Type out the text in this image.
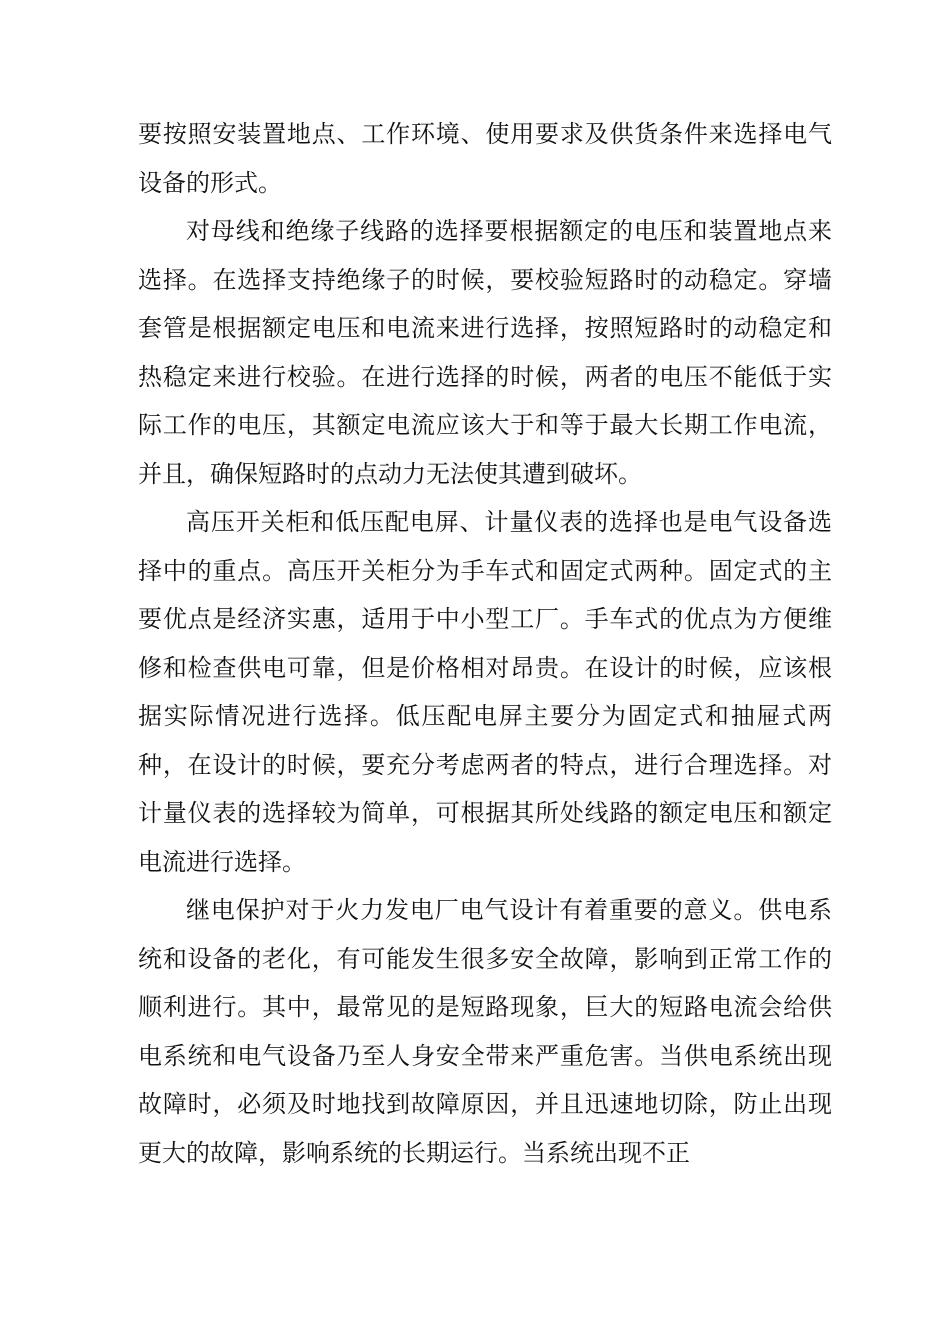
要按照安装置地点、工作环境、使用要求及供货条件来选择电气设备的形式。

对母线和绝缘子线路的选择要根据额定的电压和装置地点来选择。在选择支持绝缘子的时候，要校验短路时的动稳定。穿墙套管是根据额定电压和电流来进行选择，按照短路时的动稳定和热稳定来进行校验。在进行选择的时候，两者的电压不能低于实际工作的电压，其额定电流应该大于和等于最大长期工作电流，并且，确保短路时的点动力无法使其遭到破坏。

高压开关柜和低压配电屏、计量仪表的选择也是电气设备选择中的重点。高压开关柜分为手车式和固定式两种。固定式的主要优点是经济实惠，适用于中小型工厂。手车式的优点为方便维修和检查供电可靠，但是价格相对昂贵。在设计的时候，应该根据实际情况进行选择。低压配电屏主要分为固定式和抽屉式两种，在设计的时候，要充分考虑两者的特点，进行合理选择。对计量仪表的选择较为简单，可根据其所处线路的额定电压和额定电流进行选择。

继电保护对于火力发电厂电气设计有着重要的意义。供电系统和设备的老化，有可能发生很多安全故障，影响到正常工作的顺利进行。其中，最常见的是短路现象，巨大的短路电流会给供电系统和电气设备乃至人身安全带来严重危害。当供电系统出现故障时，必须及时地找到故障原因，并且迅速地切除，防止出现更大的故障，影响系统的长期运行。当系统出现不正
